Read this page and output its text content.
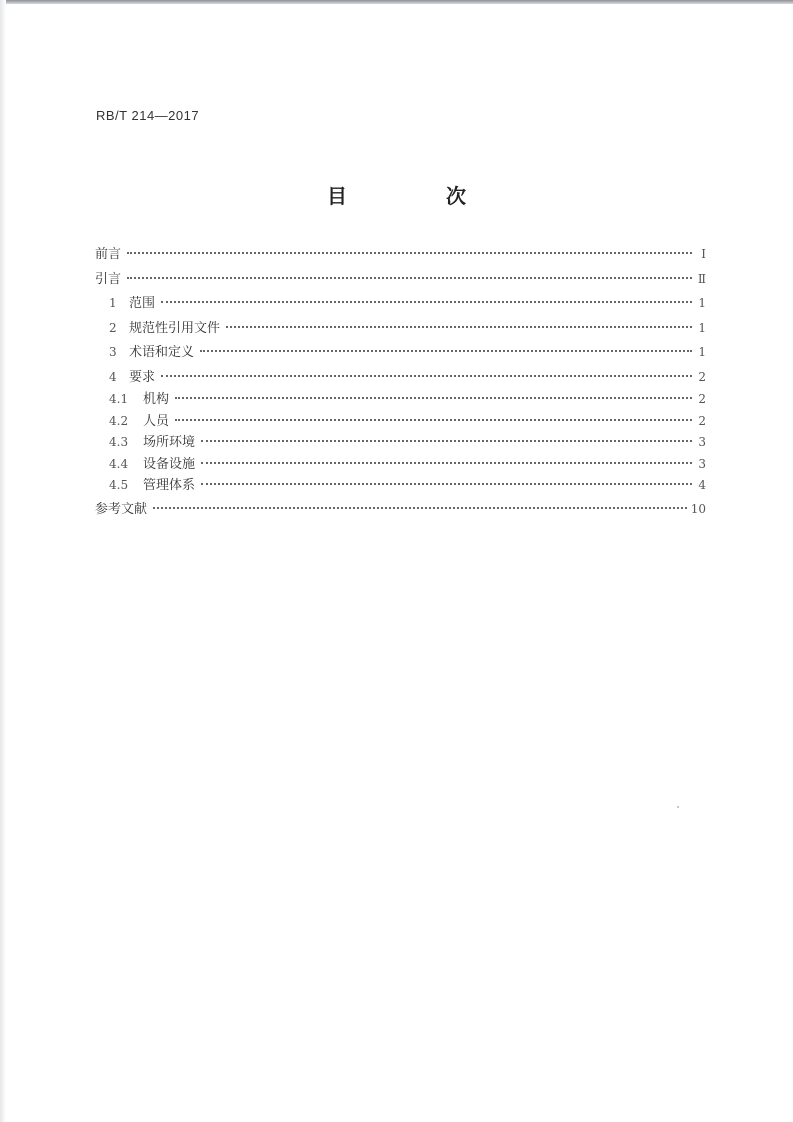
RB/T 214—2017
目 次
前言	Ⅰ
引言	Ⅱ
1 范围	1
2 规范性引用文件	1
3 术语和定义	1
4 要求	2
4.1	机构	2
4.2	人员	2
4.3	场所环境	3
4.4	设备设施	3
4.5	管理体系	4
参考文献	10
